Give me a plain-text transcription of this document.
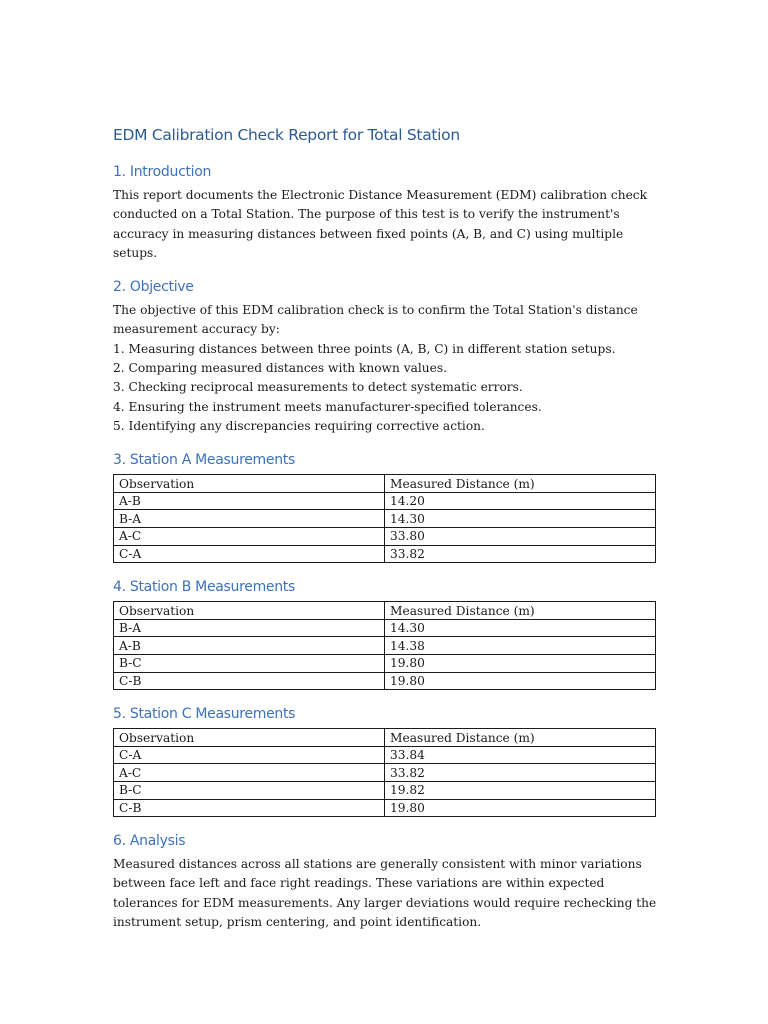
EDM Calibration Check Report for Total Station
1. Introduction

This report documents the Electronic Distance Measurement (EDM) calibration check conducted on a Total Station. The purpose of this test is to verify the instrument's accuracy in measuring distances between fixed points (A, B, and C) using multiple setups.

2. Objective

The objective of this EDM calibration check is to confirm the Total Station's distance measurement accuracy by:

1. Measuring distances between three points (A, B, C) in different station setups.
2. Comparing measured distances with known values.
3. Checking reciprocal measurements to detect systematic errors.
4. Ensuring the instrument meets manufacturer-specified tolerances.
5. Identifying any discrepancies requiring corrective action.
3. Station A Measurements
Observation	Measured Distance (m)
A-B	14.20
B-A	14.30
A-C	33.80
C-A	33.82
4. Station B Measurements
Observation	Measured Distance (m)
B-A	14.30
A-B	14.38
B-C	19.80
C-B	19.80
5. Station C Measurements
Observation	Measured Distance (m)
C-A	33.84
A-C	33.82
B-C	19.82
C-B	19.80
6. Analysis

Measured distances across all stations are generally consistent with minor variations between face left and face right readings. These variations are within expected tolerances for EDM measurements. Any larger deviations would require rechecking the instrument setup, prism centering, and point identification.
